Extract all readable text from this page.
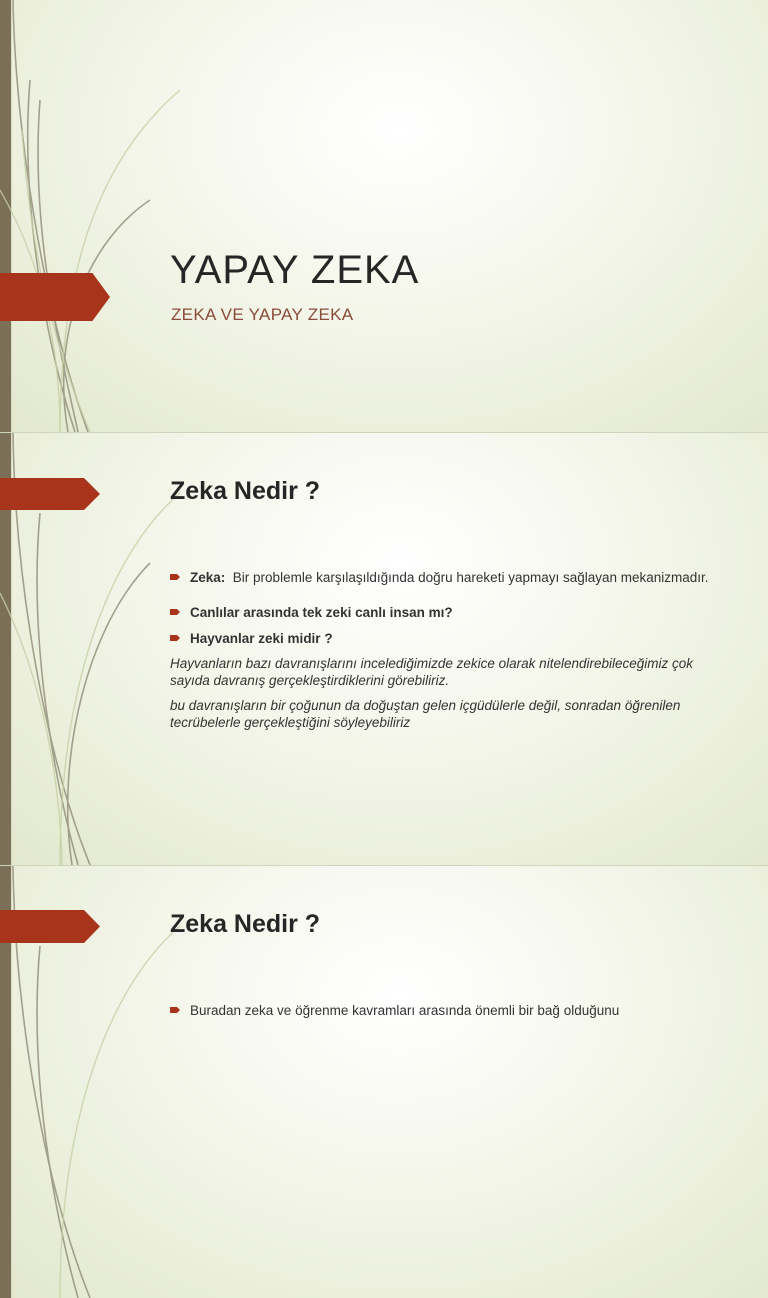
YAPAY ZEKA
ZEKA VE YAPAY ZEKA
Zeka Nedir ?
Zeka: Bir problemle karşılaşıldığında doğru hareketi yapmayı sağlayan mekanizmadır.
Canlılar arasında tek zeki canlı insan mı?
Hayvanlar zeki midir ?
Hayvanların bazı davranışlarını incelediğimizde zekice olarak nitelendirebileceğimiz çok sayıda davranış gerçekleştirdiklerini görebiliriz.
bu davranışların bir çoğunun da doğuştan gelen içgüdülerle değil, sonradan öğrenilen tecrübelerle gerçekleştiğini söyleyebiliriz
Zeka Nedir ?
Buradan zeka ve öğrenme kavramları arasında önemli bir bağ olduğunu
